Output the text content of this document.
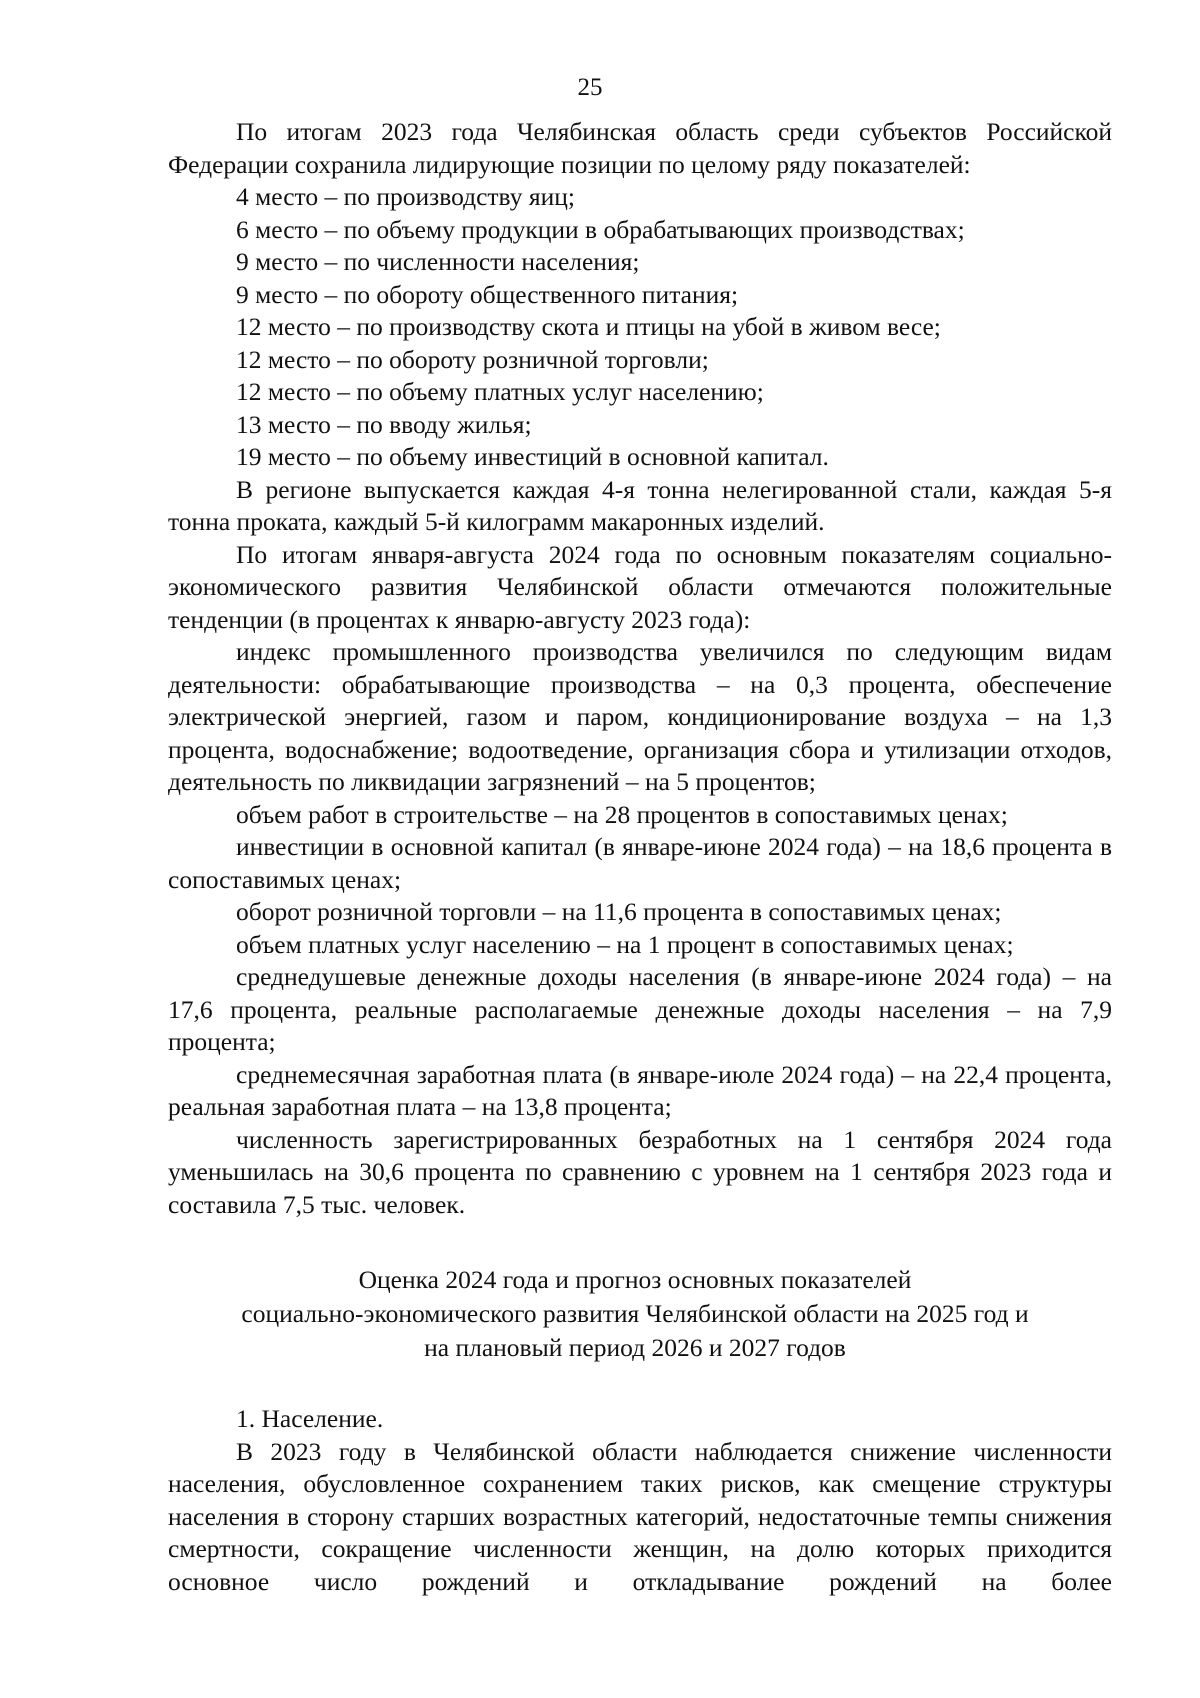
25

По итогам 2023 года Челябинская область среди субъектов Российской Федерации сохранила лидирующие позиции по целому ряду показателей:

4 место – по производству яиц;
6 место – по объему продукции в обрабатывающих производствах;
9 место – по численности населения;
9 место – по обороту общественного питания;
12 место – по производству скота и птицы на убой в живом весе;
12 место – по обороту розничной торговли;
12 место – по объему платных услуг населению;
13 место – по вводу жилья;
19 место – по объему инвестиций в основной капитал.

В регионе выпускается каждая 4-я тонна нелегированной стали, каждая 5-я тонна проката, каждый 5-й килограмм макаронных изделий.

По итогам января-августа 2024 года по основным показателям социально-экономического развития Челябинской области отмечаются положительные тенденции (в процентах к январю-августу 2023 года):

индекс промышленного производства увеличился по следующим видам деятельности: обрабатывающие производства – на 0,3 процента, обеспечение электрической энергией, газом и паром, кондиционирование воздуха – на 1,3 процента, водоснабжение; водоотведение, организация сбора и утилизации отходов, деятельность по ликвидации загрязнений – на 5 процентов;

объем работ в строительстве – на 28 процентов в сопоставимых ценах;

инвестиции в основной капитал (в январе-июне 2024 года) – на 18,6 процента в сопоставимых ценах;

оборот розничной торговли – на 11,6 процента в сопоставимых ценах;

объем платных услуг населению – на 1 процент в сопоставимых ценах;

среднедушевые денежные доходы населения (в январе-июне 2024 года) – на 17,6 процента, реальные располагаемые денежные доходы населения – на 7,9 процента;

среднемесячная заработная плата (в январе-июле 2024 года) – на 22,4 процента, реальная заработная плата – на 13,8 процента;

численность зарегистрированных безработных на 1 сентября 2024 года уменьшилась на 30,6 процента по сравнению с уровнем на 1 сентября 2023 года и составила 7,5 тыс. человек.

Оценка 2024 года и прогноз основных показателей
социально-экономического развития Челябинской области на 2025 год и
на плановый период 2026 и 2027 годов

1. Население.

В 2023 году в Челябинской области наблюдается снижение численности населения, обусловленное сохранением таких рисков, как смещение структуры населения в сторону старших возрастных категорий, недостаточные темпы снижения смертности, сокращение численности женщин, на долю которых приходится основное число рождений и откладывание рождений на более
